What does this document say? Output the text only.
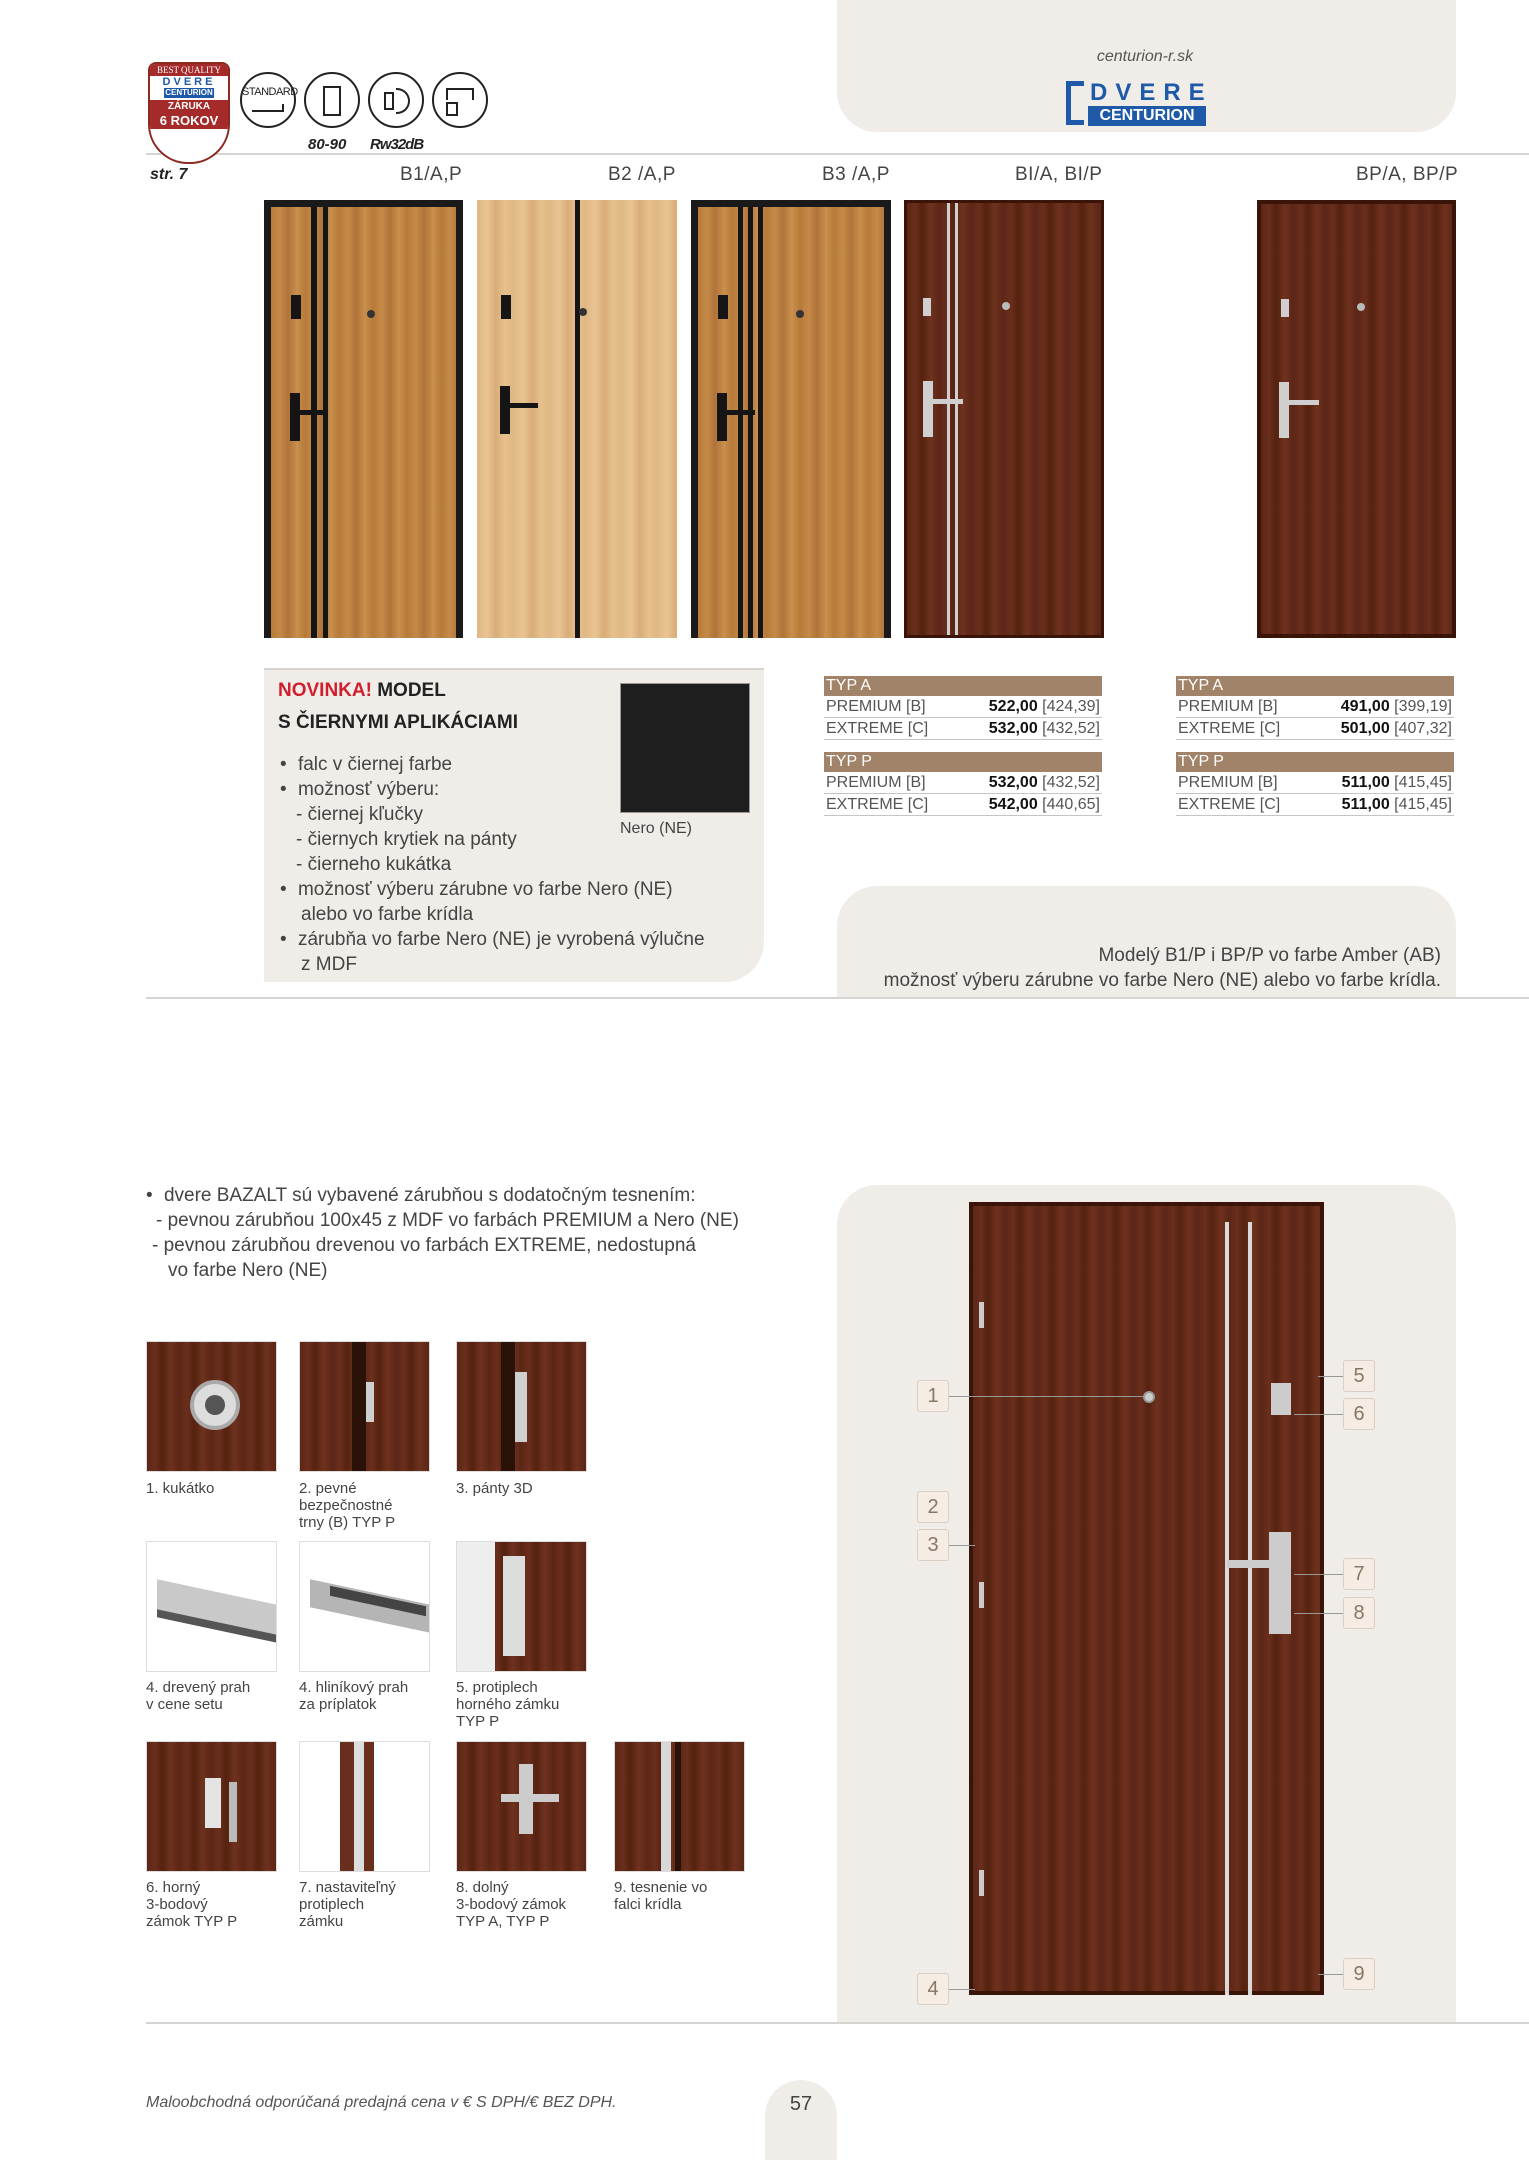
centurion-r.sk
DVERE
CENTURION
BEST QUALITY
DVERE
CENTURION
ZÁRUKA
6 ROKOV
str. 7
STANDARD
80-90 Rw32dB
B1/A,P	B2 /A,P	B3 /A,P	BI/A, BI/P	BP/A, BP/P
NOVINKA! MODEL
S ČIERNYMI APLIKÁCIAMI
Nero (NE)
• falc v čiernej farbe
• možnosť výberu:
- čiernej kľučky
- čiernych krytiek na pánty
- čierneho kukátka
• možnosť výberu zárubne vo farbe Nero (NE)
alebo vo farbe krídla
• zárubňa vo farbe Nero (NE) je vyrobená výlučne
z MDF
TYP A
PREMIUM [B]	522,00 [424,39]
EXTREME [C]	532,00 [432,52]
TYP P
PREMIUM [B]	532,00 [432,52]
EXTREME [C]	542,00 [440,65]
TYP A
PREMIUM [B]	491,00 [399,19]
EXTREME [C]	501,00 [407,32]
TYP P
PREMIUM [B]	511,00 [415,45]
EXTREME [C]	511,00 [415,45]
Modelý B1/P i BP/P vo farbe Amber (AB)
možnosť výberu zárubne vo farbe Nero (NE) alebo vo farbe krídla.
• dvere BAZALT sú vybavené zárubňou s dodatočným tesnením:
- pevnou zárubňou 100x45 z MDF vo farbách PREMIUM a Nero (NE)
- pevnou zárubňou drevenou vo farbách EXTREME, nedostupná
vo farbe Nero (NE)
1. kukátko	2. pevné
bezpečnostné
trny (B) TYP P
3. pánty 3D
4. drevený prah
v cene setu
4. hliníkový prah
za príplatok
5. protiplech
horného zámku
TYP P
6. horný
3-bodový
zámok TYP P
7. nastaviteľný
protiplech
zámku
8. dolný
3-bodový zámok
TYP A, TYP P
9. tesnenie vo
falci krídla
1
2
3
4
5
6
7
8
9
Maloobchodná odporúčaná predajná cena v € S DPH/€ BEZ DPH.	57
